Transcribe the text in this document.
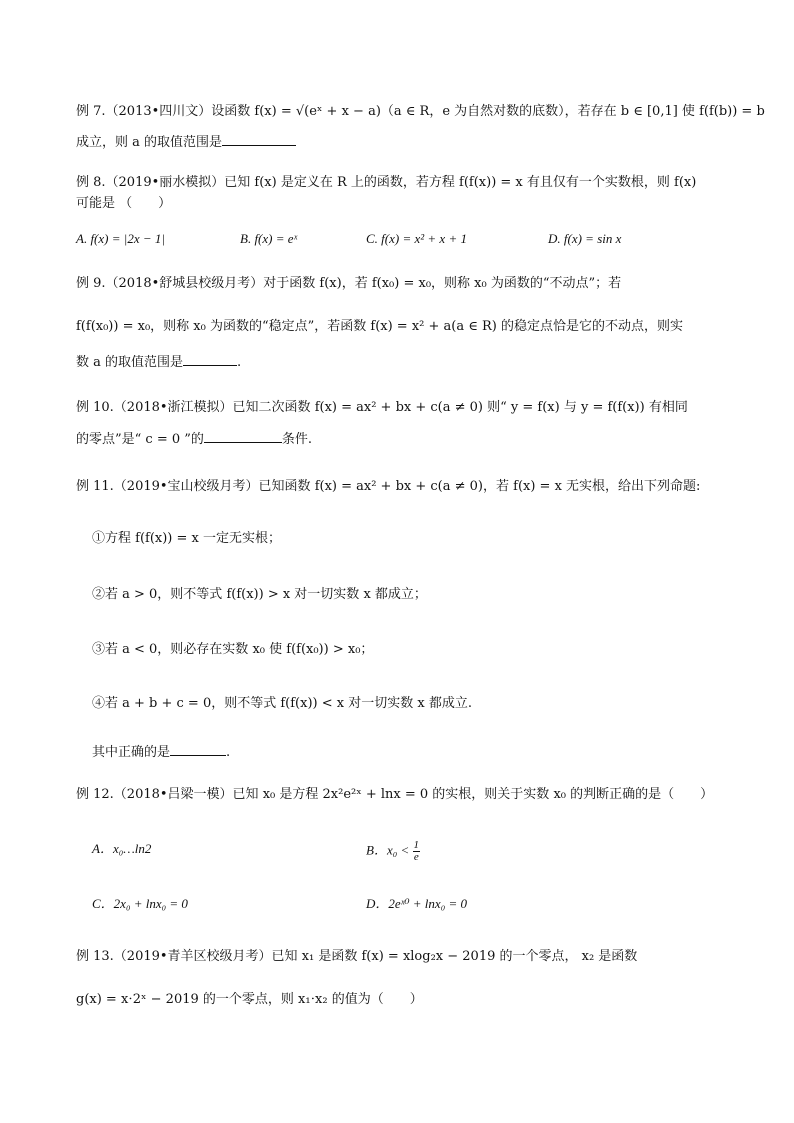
例 7.（2013•四川文）设函数 f(x) = √(eˣ + x − a)（a ∈ R，e 为自然对数的底数），若存在 b ∈ [0,1] 使 f(f(b)) = b
成立，则 a 的取值范围是
例 8.（2019•丽水模拟）已知 f(x) 是定义在 R 上的函数，若方程 f(f(x)) = x 有且仅有一个实数根，则 f(x)
可能是 （　　）
A. f(x) = |2x − 1|	B. f(x) = eˣ	C. f(x) = x² + x + 1	D. f(x) = sin x
例 9.（2018•舒城县校级月考）对于函数 f(x)，若 f(x₀) = x₀，则称 x₀ 为函数的“不动点”；若
f(f(x₀)) = x₀，则称 x₀ 为函数的“稳定点”，若函数 f(x) = x² + a(a ∈ R) 的稳定点恰是它的不动点，则实
数 a 的取值范围是	.
例 10.（2018•浙江模拟）已知二次函数 f(x) = ax² + bx + c(a ≠ 0) 则“ y = f(x) 与 y = f(f(x)) 有相同
的零点”是“ c = 0 ”的	条件.
例 11.（2019•宝山校级月考）已知函数 f(x) = ax² + bx + c(a ≠ 0)，若 f(x) = x 无实根，给出下列命题:
①方程 f(f(x)) = x 一定无实根；
②若 a > 0，则不等式 f(f(x)) > x 对一切实数 x 都成立；
③若 a < 0，则必存在实数 x₀ 使 f(f(x₀)) > x₀；
④若 a + b + c = 0，则不等式 f(f(x)) < x 对一切实数 x 都成立.
其中正确的是	.
例 12.（2018•吕梁一模）已知 x₀ 是方程 2x²e²ˣ + lnx = 0 的实根，则关于实数 x₀ 的判断正确的是（　　）
A．x₀…ln2	B．$x_0 < \frac{1}{e}$
C．2x₀ + lnx₀ = 0	D．2eˣ⁰ + lnx₀ = 0
例 13.（2019•青羊区校级月考）已知 x₁ 是函数 f(x) = xlog₂x − 2019 的一个零点， x₂ 是函数
g(x) = x⋅2ˣ − 2019 的一个零点，则 x₁⋅x₂ 的值为（　　）
